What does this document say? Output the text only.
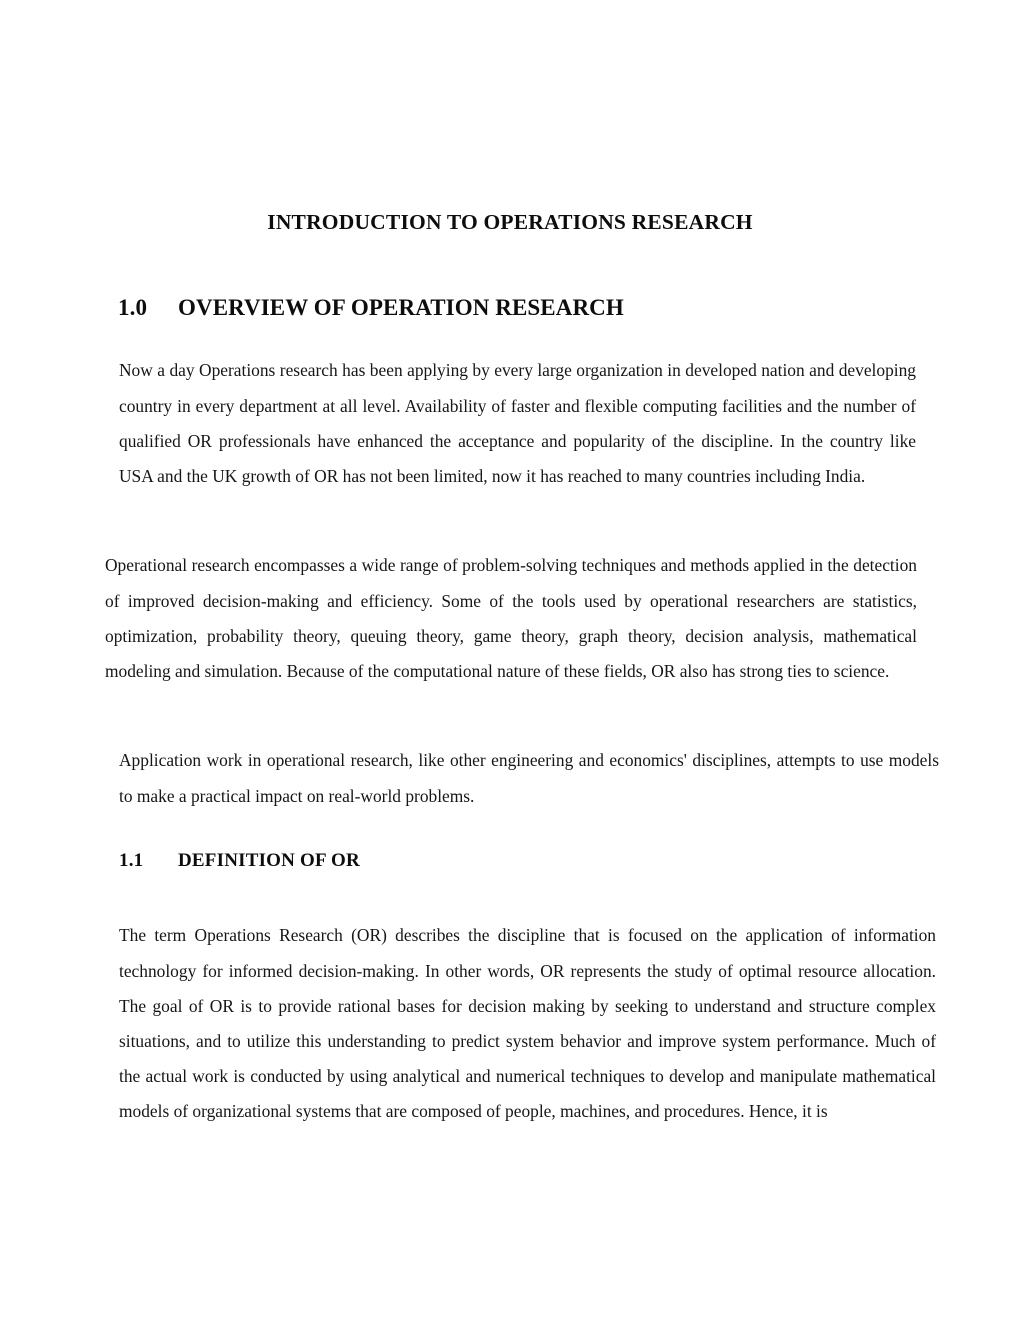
INTRODUCTION TO OPERATIONS RESEARCH
1.0	OVERVIEW OF OPERATION RESEARCH

Now a day Operations research has been applying by every large organization in developed nation and developing country in every department at all level. Availability of faster and flexible computing facilities and the number of qualified OR professionals have enhanced the acceptance and popularity of the discipline. In the country like USA and the UK growth of OR has not been limited, now it has reached to many countries including India.

Operational research encompasses a wide range of problem-solving techniques and methods applied in the detection of improved decision-making and efficiency. Some of the tools used by operational researchers are statistics, optimization, probability theory, queuing theory, game theory, graph theory, decision analysis, mathematical modeling and simulation. Because of the computational nature of these fields, OR also has strong ties to science.

Application work in operational research, like other engineering and economics' disciplines, attempts to use models to make a practical impact on real-world problems.

1.1	DEFINITION OF OR

The term Operations Research (OR) describes the discipline that is focused on the application of information technology for informed decision-making. In other words, OR represents the study of optimal resource allocation. The goal of OR is to provide rational bases for decision making by seeking to understand and structure complex situations, and to utilize this understanding to predict system behavior and improve system performance. Much of the actual work is conducted by using analytical and numerical techniques to develop and manipulate mathematical models of organizational systems that are composed of people, machines, and procedures. Hence, it is
